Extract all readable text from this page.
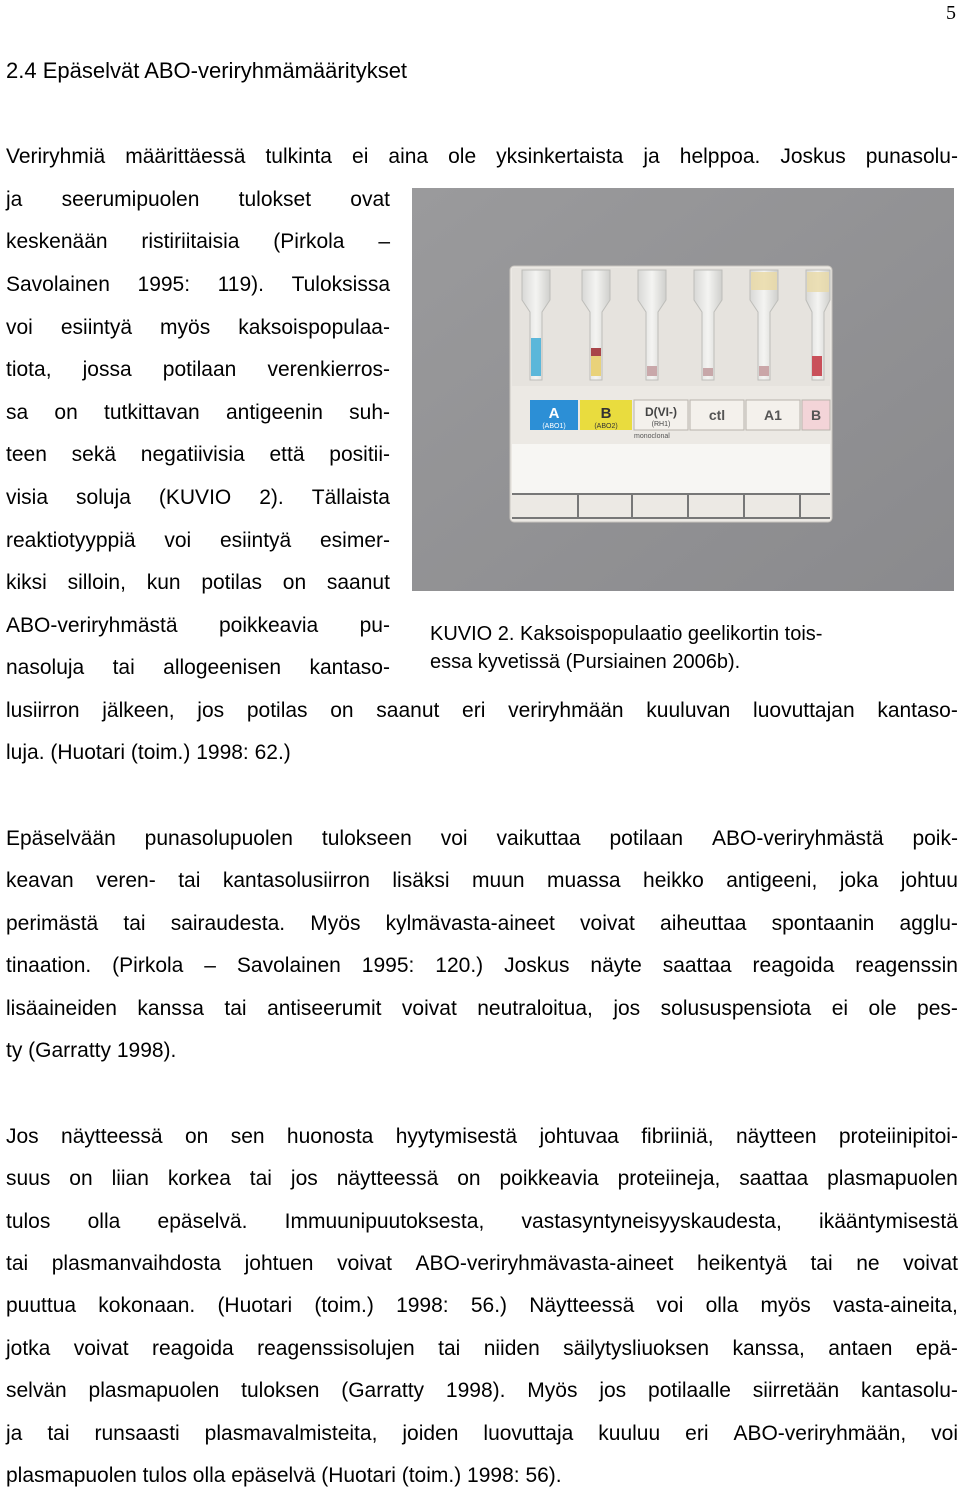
5
2.4 Epäselvät ABO-veriryhmämääritykset
Veriryhmiä määrittäessä tulkinta ei aina ole yksinkertaista ja helppoa. Joskus punasolu-
ja seerumipuolen tulokset ovat
keskenään ristiriitaisia (Pirkola –
Savolainen 1995: 119). Tuloksissa
voi esiintyä myös kaksoispopulaa-
tiota, jossa potilaan verenkierros-
sa on tutkittavan antigeenin suh-
teen sekä negatiivisia että positii-
visia soluja (KUVIO 2). Tällaista
reaktiotyyppiä voi esiintyä esimer-
kiksi silloin, kun potilas on saanut
ABO-veriryhmästä poikkeavia pu-
nasoluja tai allogeenisen kantaso-
lusiirron jälkeen, jos potilas on saanut eri veriryhmään kuuluvan luovuttajan kantaso-
luja. (Huotari (toim.) 1998: 62.)
A
(ABO1)
B
(ABO2)
D(VI-)
(RH1)
monoclonal
ctl	A1 B
KUVIO 2. Kaksoispopulaatio geelikortin tois-
essa kyvetissä (Pursiainen 2006b).
Epäselvään punasolupuolen tulokseen voi vaikuttaa potilaan ABO-veriryhmästä poik-
keavan veren- tai kantasolusiirron lisäksi muun muassa heikko antigeeni, joka johtuu
perimästä tai sairaudesta. Myös kylmävasta-aineet voivat aiheuttaa spontaanin agglu-
tinaation. (Pirkola – Savolainen 1995: 120.) Joskus näyte saattaa reagoida reagenssin
lisäaineiden kanssa tai antiseerumit voivat neutraloitua, jos solususpensiota ei ole pes-
ty (Garratty 1998).
Jos näytteessä on sen huonosta hyytymisestä johtuvaa fibriiniä, näytteen proteiinipitoi-
suus on liian korkea tai jos näytteessä on poikkeavia proteiineja, saattaa plasmapuolen
tulos olla epäselvä. Immuunipuutoksesta, vastasyntyneisyyskaudesta, ikääntymisestä
tai plasmanvaihdosta johtuen voivat ABO-veriryhmävasta-aineet heikentyä tai ne voivat
puuttua kokonaan. (Huotari (toim.) 1998: 56.) Näytteessä voi olla myös vasta-aineita,
jotka voivat reagoida reagenssisolujen tai niiden säilytysliuoksen kanssa, antaen epä-
selvän plasmapuolen tuloksen (Garratty 1998). Myös jos potilaalle siirretään kantasolu-
ja tai runsaasti plasmavalmisteita, joiden luovuttaja kuuluu eri ABO-veriryhmään, voi
plasmapuolen tulos olla epäselvä (Huotari (toim.) 1998: 56).
